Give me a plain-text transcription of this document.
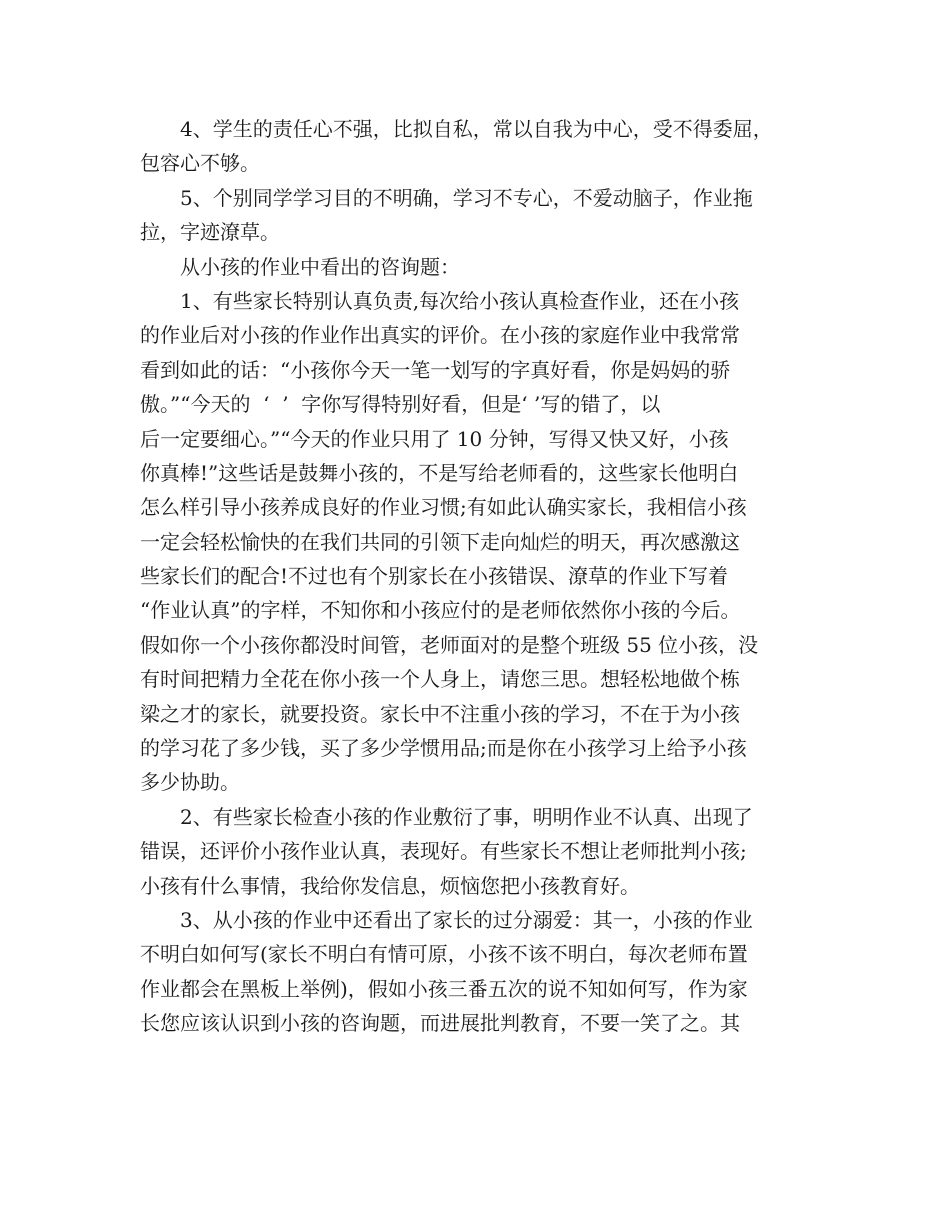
4、学生的责任心不强，比拟自私，常以自我为中心，受不得委屈，
包容心不够。
5、个别同学学习目的不明确，学习不专心，不爱动脑子，作业拖
拉，字迹潦草。
从小孩的作业中看出的咨询题：
1、有些家长特别认真负责,每次给小孩认真检查作业，还在小孩
的作业后对小孩的作业作出真实的评价。在小孩的家庭作业中我常常
看到如此的话：“小孩你今天一笔一划写的字真好看，你是妈妈的骄
傲。”“今天的  ‘  ’  字你写得特别好看，但是‘ ’写的错了，以
后一定要细心。”“今天的作业只用了 10 分钟，写得又快又好，小孩
你真棒!”这些话是鼓舞小孩的，不是写给老师看的，这些家长他明白
怎么样引导小孩养成良好的作业习惯;有如此认确实家长，我相信小孩
一定会轻松愉快的在我们共同的引领下走向灿烂的明天，再次感激这
些家长们的配合!不过也有个别家长在小孩错误、潦草的作业下写着
“作业认真”的字样，不知你和小孩应付的是老师依然你小孩的今后。
假如你一个小孩你都没时间管，老师面对的是整个班级 55 位小孩，没
有时间把精力全花在你小孩一个人身上，请您三思。想轻松地做个栋
梁之才的家长，就要投资。家长中不注重小孩的学习，不在于为小孩
的学习花了多少钱，买了多少学惯用品;而是你在小孩学习上给予小孩
多少协助。
2、有些家长检查小孩的作业敷衍了事，明明作业不认真、出现了
错误，还评价小孩作业认真，表现好。有些家长不想让老师批判小孩;
小孩有什么事情，我给你发信息，烦恼您把小孩教育好。
3、从小孩的作业中还看出了家长的过分溺爱：其一，小孩的作业
不明白如何写(家长不明白有情可原，小孩不该不明白，每次老师布置
作业都会在黑板上举例)，假如小孩三番五次的说不知如何写，作为家
长您应该认识到小孩的咨询题，而进展批判教育，不要一笑了之。其
